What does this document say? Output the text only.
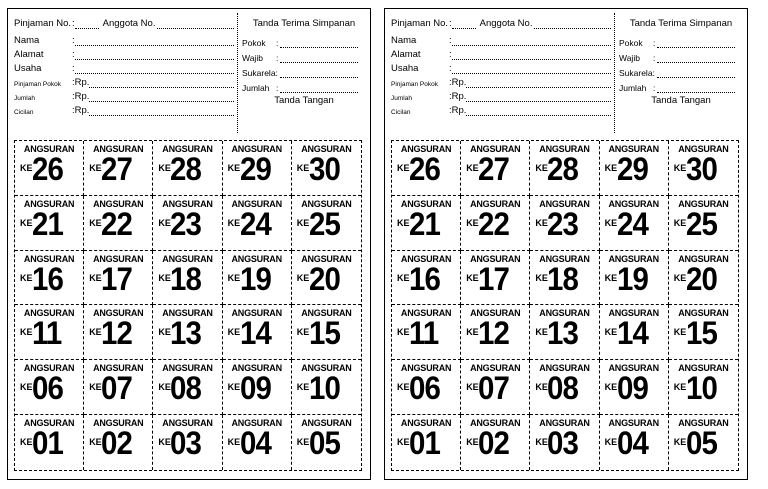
Pinjaman No. :	Anggota No.
Nama	:
Alamat	:
Usaha	:
Pinjaman Pokok	:Rp.
Jumlah	:Rp.
Cicilan	:Rp.
Tanda Terima Simpanan
Pokok	:
Wajib	:
Sukarela:
Jumlah :
Tanda Tangan
ANGSURAN
KE 26
ANGSURAN
KE 27
ANGSURAN
KE 28
ANGSURAN
KE 29
ANGSURAN
KE 30
ANGSURAN
KE 21
ANGSURAN
KE 22
ANGSURAN
KE 23
ANGSURAN
KE 24
ANGSURAN
KE 25
ANGSURAN
KE 16
ANGSURAN
KE 17
ANGSURAN
KE 18
ANGSURAN
KE 19
ANGSURAN
KE 20
ANGSURAN
KE 11
ANGSURAN
KE 12
ANGSURAN
KE 13
ANGSURAN
KE 14
ANGSURAN
KE 15
ANGSURAN
KE 06
ANGSURAN
KE 07
ANGSURAN
KE 08
ANGSURAN
KE 09
ANGSURAN
KE 10
ANGSURAN
KE 01
ANGSURAN
KE 02
ANGSURAN
KE 03
ANGSURAN
KE 04
ANGSURAN
KE 05
Pinjaman No. :	Anggota No.
Nama	:
Alamat	:
Usaha	:
Pinjaman Pokok	:Rp.
Jumlah	:Rp.
Cicilan	:Rp.
Tanda Terima Simpanan
Pokok	:
Wajib	:
Sukarela:
Jumlah :
Tanda Tangan
ANGSURAN
KE 26
ANGSURAN
KE 27
ANGSURAN
KE 28
ANGSURAN
KE 29
ANGSURAN
KE 30
ANGSURAN
KE 21
ANGSURAN
KE 22
ANGSURAN
KE 23
ANGSURAN
KE 24
ANGSURAN
KE 25
ANGSURAN
KE 16
ANGSURAN
KE 17
ANGSURAN
KE 18
ANGSURAN
KE 19
ANGSURAN
KE 20
ANGSURAN
KE 11
ANGSURAN
KE 12
ANGSURAN
KE 13
ANGSURAN
KE 14
ANGSURAN
KE 15
ANGSURAN
KE 06
ANGSURAN
KE 07
ANGSURAN
KE 08
ANGSURAN
KE 09
ANGSURAN
KE 10
ANGSURAN
KE 01
ANGSURAN
KE 02
ANGSURAN
KE 03
ANGSURAN
KE 04
ANGSURAN
KE 05
